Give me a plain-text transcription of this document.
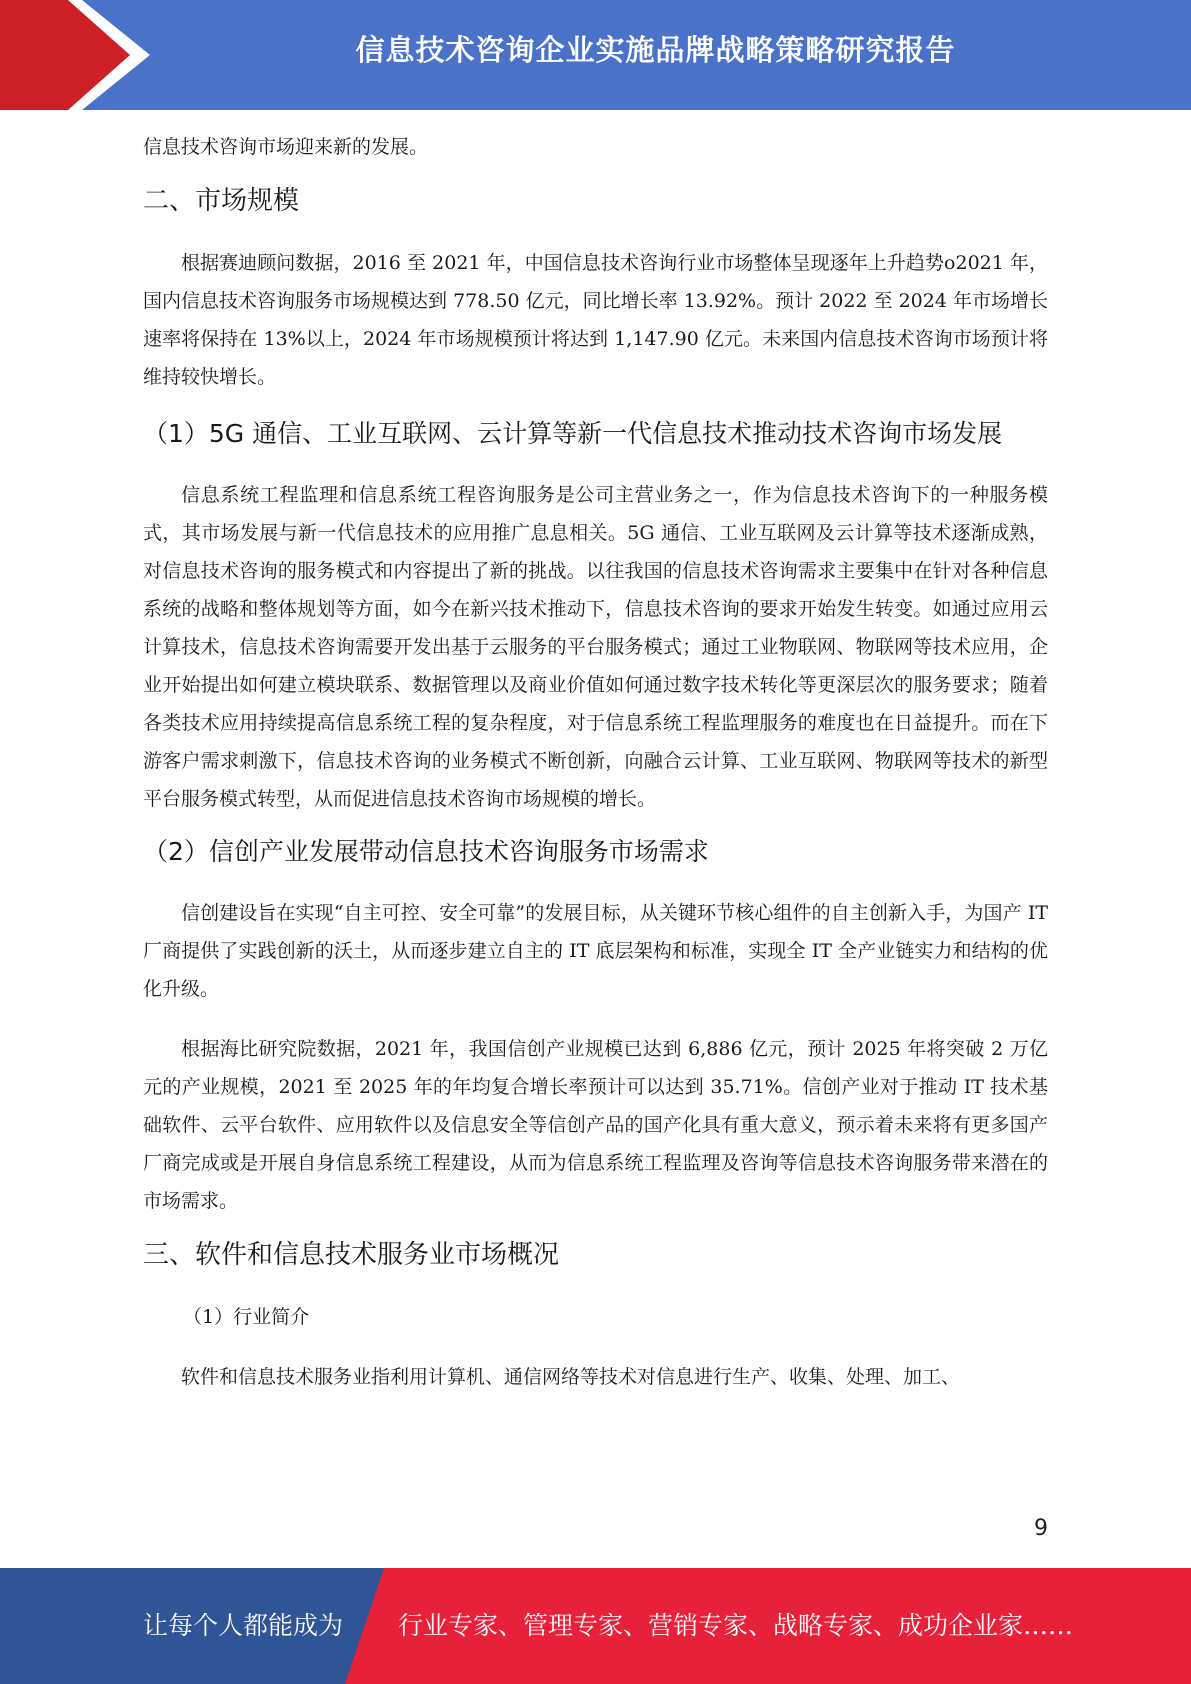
信息技术咨询企业实施品牌战略策略研究报告

信息技术咨询市场迎来新的发展。

二、市场规模

根据赛迪顾问数据，2016 至 2021 年，中国信息技术咨询行业市场整体呈现逐年上升趋势o2021 年，国内信息技术咨询服务市场规模达到 778.50 亿元，同比增长率 13.92%。预计 2022 至 2024 年市场增长速率将保持在 13%以上，2024 年市场规模预计将达到 1,147.90 亿元。未来国内信息技术咨询市场预计将维持较快增长。

（1）5G 通信、工业互联网、云计算等新一代信息技术推动技术咨询市场发展

信息系统工程监理和信息系统工程咨询服务是公司主营业务之一，作为信息技术咨询下的一种服务模式，其市场发展与新一代信息技术的应用推广息息相关。5G 通信、工业互联网及云计算等技术逐渐成熟，对信息技术咨询的服务模式和内容提出了新的挑战。以往我国的信息技术咨询需求主要集中在针对各种信息系统的战略和整体规划等方面，如今在新兴技术推动下，信息技术咨询的要求开始发生转变。如通过应用云计算技术，信息技术咨询需要开发出基于云服务的平台服务模式；通过工业物联网、物联网等技术应用，企业开始提出如何建立模块联系、数据管理以及商业价值如何通过数字技术转化等更深层次的服务要求；随着各类技术应用持续提高信息系统工程的复杂程度，对于信息系统工程监理服务的难度也在日益提升。而在下游客户需求刺激下，信息技术咨询的业务模式不断创新，向融合云计算、工业互联网、物联网等技术的新型平台服务模式转型，从而促进信息技术咨询市场规模的增长。

（2）信创产业发展带动信息技术咨询服务市场需求

信创建设旨在实现“自主可控、安全可靠”的发展目标，从关键环节核心组件的自主创新入手，为国产 IT 厂商提供了实践创新的沃土，从而逐步建立自主的 IT 底层架构和标准，实现全 IT 全产业链实力和结构的优化升级。

根据海比研究院数据，2021 年，我国信创产业规模已达到 6,886 亿元，预计 2025 年将突破 2 万亿元的产业规模，2021 至 2025 年的年均复合增长率预计可以达到 35.71%。信创产业对于推动 IT 技术基础软件、云平台软件、应用软件以及信息安全等信创产品的国产化具有重大意义，预示着未来将有更多国产厂商完成或是开展自身信息系统工程建设，从而为信息系统工程监理及咨询等信息技术咨询服务带来潜在的市场需求。

三、软件和信息技术服务业市场概况

（1）行业简介

软件和信息技术服务业指利用计算机、通信网络等技术对信息进行生产、收集、处理、加工、

9
让每个人都能成为 行业专家、管理专家、营销专家、战略专家、成功企业家……
